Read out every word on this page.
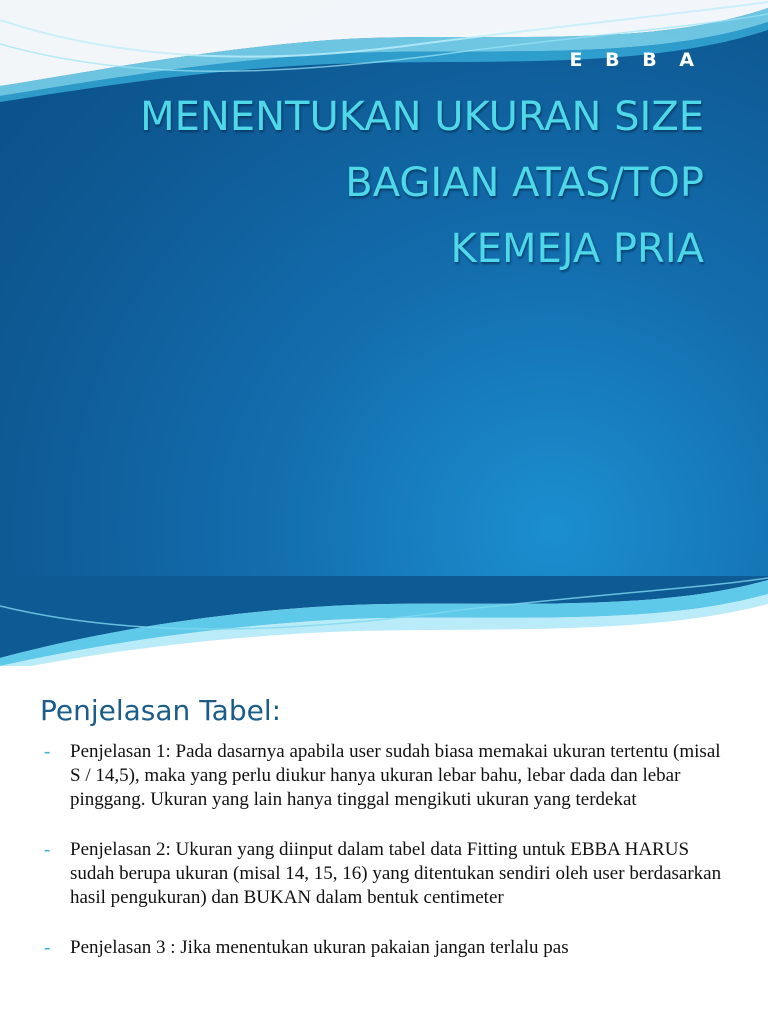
E B B A

MENENTUKAN UKURAN SIZE
BAGIAN ATAS/TOP
KEMEJA PRIA
Penjelasan Tabel:
- Penjelasan 1: Pada dasarnya apabila user sudah biasa memakai ukuran tertentu (misal S / 14,5), maka yang perlu diukur hanya ukuran lebar bahu, lebar dada dan lebar pinggang. Ukuran yang lain hanya tinggal mengikuti ukuran yang terdekat
- Penjelasan 2: Ukuran yang diinput dalam tabel data Fitting untuk EBBA HARUS sudah berupa ukuran (misal 14, 15, 16) yang ditentukan sendiri oleh user berdasarkan hasil pengukuran) dan BUKAN dalam bentuk centimeter
- Penjelasan 3 : Jika menentukan ukuran pakaian jangan terlalu pas
